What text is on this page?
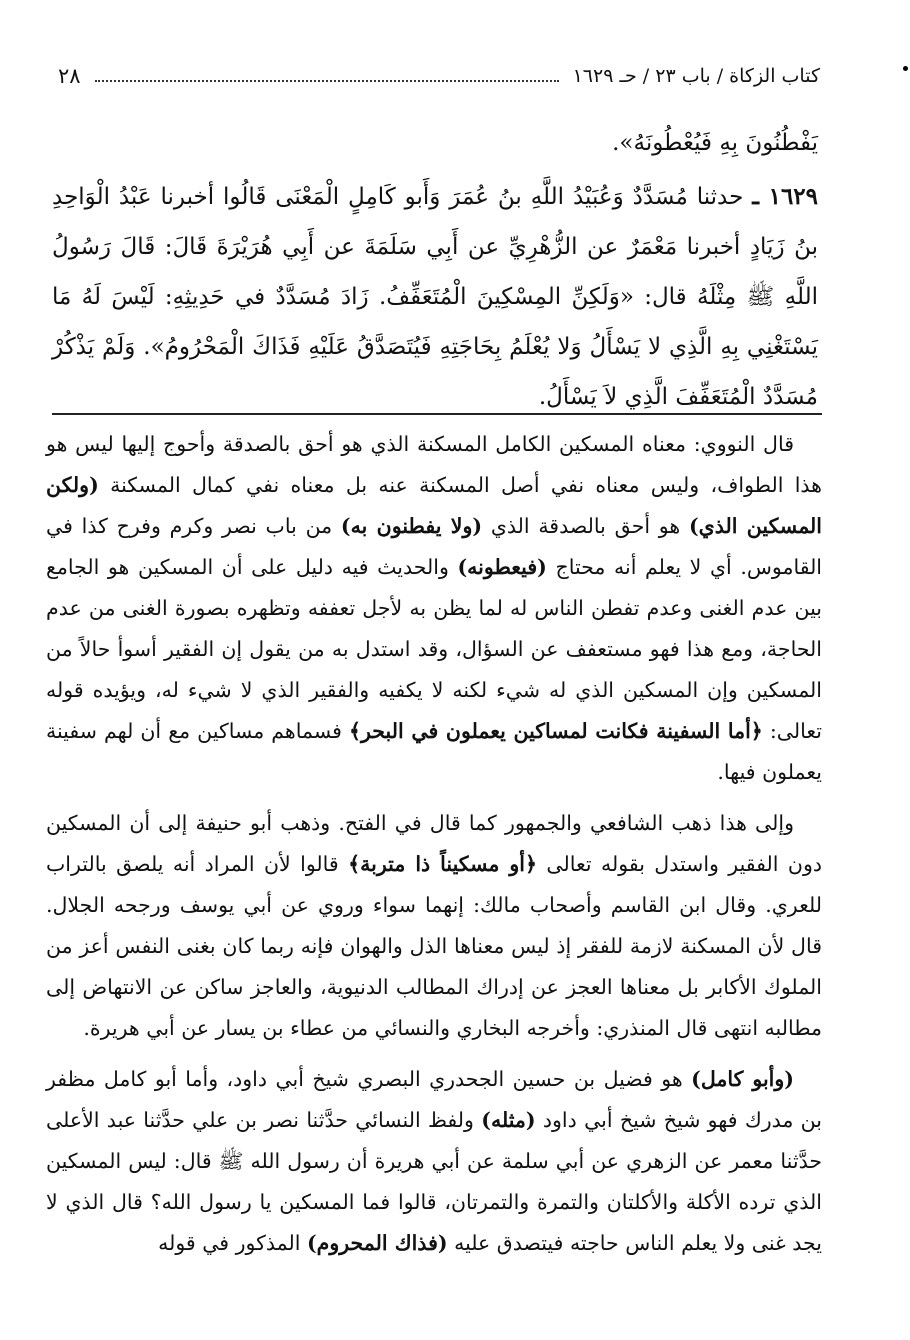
كتاب الزكاة / باب ٢٣ / حـ ١٦٢٩
٢٨

يَفْطُنُونَ بِهِ فَيُعْطُونَهُ».

١٦٢٩ ـ حدثنا مُسَدَّدٌ وَعُبَيْدُ اللَّهِ بنُ عُمَرَ وَأَبو كَامِلٍ الْمَعْنَى قَالُوا أخبرنا عَبْدُ الْوَاحِدِ بنُ زَيَادٍ أخبرنا مَعْمَرٌ عن الزُّهْرِيِّ عن أَبِي سَلَمَةَ عن أَبِي هُرَيْرَةَ قَالَ: قَالَ رَسُولُ اللَّهِ ﷺ مِثْلَهُ قال: «وَلَكِنِّ المِسْكِينَ الْمُتَعَفِّفُ. زَادَ مُسَدَّدٌ في حَدِيثِهِ: لَيْسَ لَهُ مَا يَسْتَغْنِي بِهِ الَّذِي لا يَسْأَلُ وَلا يُعْلَمُ بِحَاجَتِهِ فَيُتَصَدَّقُ عَلَيْهِ فَذَاكَ الْمَحْرُومُ». وَلَمْ يَذْكُرْ مُسَدَّدٌ الْمُتَعَفِّفَ الَّذِي لاَ يَسْأَلُ.

قال النووي: معناه المسكين الكامل المسكنة الذي هو أحق بالصدقة وأحوج إليها ليس هو هذا الطواف، وليس معناه نفي أصل المسكنة عنه بل معناه نفي كمال المسكنة (ولكن المسكين الذي) هو أحق بالصدقة الذي (ولا يفطنون به) من باب نصر وكرم وفرح كذا في القاموس. أي لا يعلم أنه محتاج (فيعطونه) والحديث فيه دليل على أن المسكين هو الجامع بين عدم الغنى وعدم تفطن الناس له لما يظن به لأجل تعففه وتظهره بصورة الغنى من عدم الحاجة، ومع هذا فهو مستعفف عن السؤال، وقد استدل به من يقول إن الفقير أسوأ حالاً من المسكين وإن المسكين الذي له شيء لكنه لا يكفيه والفقير الذي لا شيء له، ويؤيده قوله تعالى: ﴿أما السفينة فكانت لمساكين يعملون في البحر﴾ فسماهم مساكين مع أن لهم سفينة يعملون فيها.

وإلى هذا ذهب الشافعي والجمهور كما قال في الفتح. وذهب أبو حنيفة إلى أن المسكين دون الفقير واستدل بقوله تعالى ﴿أو مسكيناً ذا متربة﴾ قالوا لأن المراد أنه يلصق بالتراب للعري. وقال ابن القاسم وأصحاب مالك: إنهما سواء وروي عن أبي يوسف ورجحه الجلال. قال لأن المسكنة لازمة للفقر إذ ليس معناها الذل والهوان فإنه ربما كان بغنى النفس أعز من الملوك الأكابر بل معناها العجز عن إدراك المطالب الدنيوية، والعاجز ساكن عن الانتهاض إلى مطالبه انتهى قال المنذري: وأخرجه البخاري والنسائي من عطاء بن يسار عن أبي هريرة.

(وأبو كامل) هو فضيل بن حسين الجحدري البصري شيخ أبي داود، وأما أبو كامل مظفر بن مدرك فهو شيخ شيخ أبي داود (مثله) ولفظ النسائي حدَّثنا نصر بن علي حدَّثنا عبد الأعلى حدَّثنا معمر عن الزهري عن أبي سلمة عن أبي هريرة أن رسول الله ﷺ قال: ليس المسكين الذي ترده الأكلة والأكلتان والتمرة والتمرتان، قالوا فما المسكين يا رسول الله؟ قال الذي لا يجد غنى ولا يعلم الناس حاجته فيتصدق عليه (فذاك المحروم) المذكور في قوله
